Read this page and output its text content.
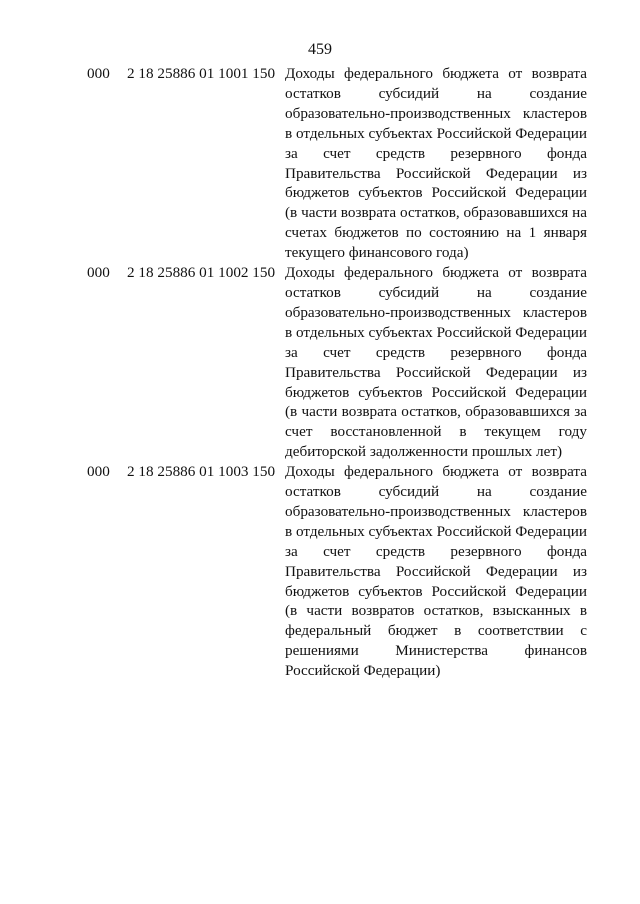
459
000	2 18 25886 01 1001 150 Доходы федерального бюджета от возврата
остатков субсидий на создание
образовательно-производственных кластеров
в отдельных субъектах Российской Федерации
за счет средств резервного фонда
Правительства Российской Федерации из
бюджетов субъектов Российской Федерации
(в части возврата остатков, образовавшихся на
счетах бюджетов по состоянию на 1 января
текущего финансового года)
000	2 18 25886 01 1002 150 Доходы федерального бюджета от возврата
остатков субсидий на создание
образовательно-производственных кластеров
в отдельных субъектах Российской Федерации
за счет средств резервного фонда
Правительства Российской Федерации из
бюджетов субъектов Российской Федерации
(в части возврата остатков, образовавшихся за
счет восстановленной в текущем году
дебиторской задолженности прошлых лет)
000	2 18 25886 01 1003 150 Доходы федерального бюджета от возврата
остатков субсидий на создание
образовательно-производственных кластеров
в отдельных субъектах Российской Федерации
за счет средств резервного фонда
Правительства Российской Федерации из
бюджетов субъектов Российской Федерации
(в части возвратов остатков, взысканных в
федеральный бюджет в соответствии с
решениями Министерства финансов
Российской Федерации)
